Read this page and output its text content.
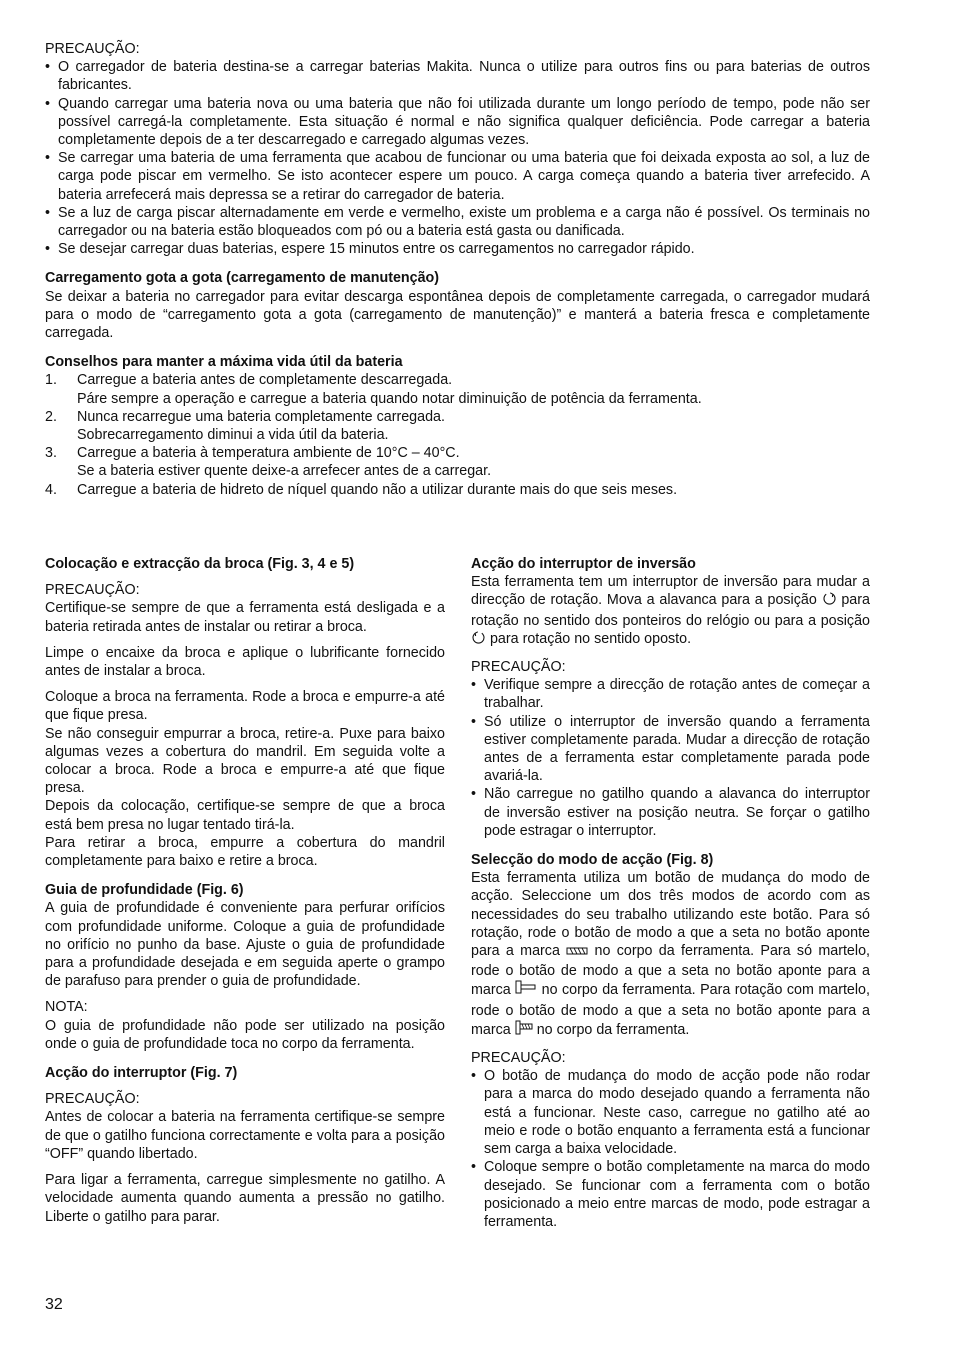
PRECAUÇÃO:

• O carregador de bateria destina-se a carregar baterias Makita. Nunca o utilize para outros fins ou para baterias de outros fabricantes.
• Quando carregar uma bateria nova ou uma bateria que não foi utilizada durante um longo período de tempo, pode não ser possível carregá-la completamente. Esta situação é normal e não significa qualquer deficiência. Pode carregar a bateria completamente depois de a ter descarregado e carregado algumas vezes.
• Se carregar uma bateria de uma ferramenta que acabou de funcionar ou uma bateria que foi deixada exposta ao sol, a luz de carga pode piscar em vermelho. Se isto acontecer espere um pouco. A carga começa quando a bateria tiver arrefecido. A bateria arrefecerá mais depressa se a retirar do carregador de bateria.
• Se a luz de carga piscar alternadamente em verde e vermelho, existe um problema e a carga não é possível. Os terminais no carregador ou na bateria estão bloqueados com pó ou a bateria está gasta ou danificada.
• Se desejar carregar duas baterias, espere 15 minutos entre os carregamentos no carregador rápido.

Carregamento gota a gota (carregamento de manutenção)

Se deixar a bateria no carregador para evitar descarga espontânea depois de completamente carregada, o carregador mudará para o modo de “carregamento gota a gota (carregamento de manutenção)” e manterá a bateria fresca e completamente carregada.

Conselhos para manter a máxima vida útil da bateria

1.	Carregue a bateria antes de completamente descarregada.
Páre sempre a operação e carregue a bateria quando notar diminuição de potência da ferramenta.
2.	Nunca recarregue uma bateria completamente carregada.
Sobrecarregamento diminui a vida útil da bateria.
3.	Carregue a bateria à temperatura ambiente de 10°C – 40°C.
Se a bateria estiver quente deixe-a arrefecer antes de a carregar.
4.	Carregue a bateria de hidreto de níquel quando não a utilizar durante mais do que seis meses.

Colocação e extracção da broca (Fig. 3, 4 e 5)

PRECAUÇÃO:

Certifique-se sempre de que a ferramenta está desligada e a bateria retirada antes de instalar ou retirar a broca.

Limpe o encaixe da broca e aplique o lubrificante fornecido antes de instalar a broca.

Coloque a broca na ferramenta. Rode a broca e empurre-a até que fique presa.

Se não conseguir empurrar a broca, retire-a. Puxe para baixo algumas vezes a cobertura do mandril. Em seguida volte a colocar a broca. Rode a broca e empurre-a até que fique presa.

Depois da colocação, certifique-se sempre de que a broca está bem presa no lugar tentado tirá-la.

Para retirar a broca, empurre a cobertura do mandril completamente para baixo e retire a broca.

Guia de profundidade (Fig. 6)

A guia de profundidade é conveniente para perfurar orifícios com profundidade uniforme. Coloque a guia de profundidade no orifício no punho da base. Ajuste o guia de profundidade para a profundidade desejada e em seguida aperte o grampo de parafuso para prender o guia de profundidade.

NOTA:

O guia de profundidade não pode ser utilizado na posição onde o guia de profundidade toca no corpo da ferramenta.

Acção do interruptor (Fig. 7)

PRECAUÇÃO:

Antes de colocar a bateria na ferramenta certifique-se sempre de que o gatilho funciona correctamente e volta para a posição “OFF” quando libertado.

Para ligar a ferramenta, carregue simplesmente no gatilho. A velocidade aumenta quando aumenta a pressão no gatilho. Liberte o gatilho para parar.

Acção do interruptor de inversão

Esta ferramenta tem um interruptor de inversão para mudar a direcção de rotação. Mova a alavanca para a posição para rotação no sentido dos ponteiros do relógio ou para a posição  para rotação no sentido oposto.

PRECAUÇÃO:

• Verifique sempre a direcção de rotação antes de começar a trabalhar.
• Só utilize o interruptor de inversão quando a ferramenta estiver completamente parada. Mudar a direcção de rotação antes de a ferramenta estar completamente parada pode avariá-la.
• Não carregue no gatilho quando a alavanca do interruptor de inversão estiver na posição neutra. Se forçar o gatilho pode estragar o interruptor.

Selecção do modo de acção (Fig. 8)

Esta ferramenta utiliza um botão de mudança do modo de acção. Seleccione um dos três modos de acordo com as necessidades do seu trabalho utilizando este botão. Para só rotação, rode o botão de modo a que a seta no botão aponte para a marca no corpo da ferramenta. Para só martelo, rode o botão de modo a que a seta no botão aponte para a marca no corpo da ferramenta. Para rotação com martelo, rode o botão de modo a que a seta no botão aponte para a marca no corpo da ferramenta.

PRECAUÇÃO:

• O botão de mudança do modo de acção pode não rodar para a marca do modo desejado quando a ferramenta não está a funcionar. Neste caso, carregue no gatilho até ao meio e rode o botão enquanto a ferramenta está a funcionar sem carga a baixa velocidade.
• Coloque sempre o botão completamente na marca do modo desejado. Se funcionar com a ferramenta com o botão posicionado a meio entre marcas de modo, pode estragar a ferramenta.
32
